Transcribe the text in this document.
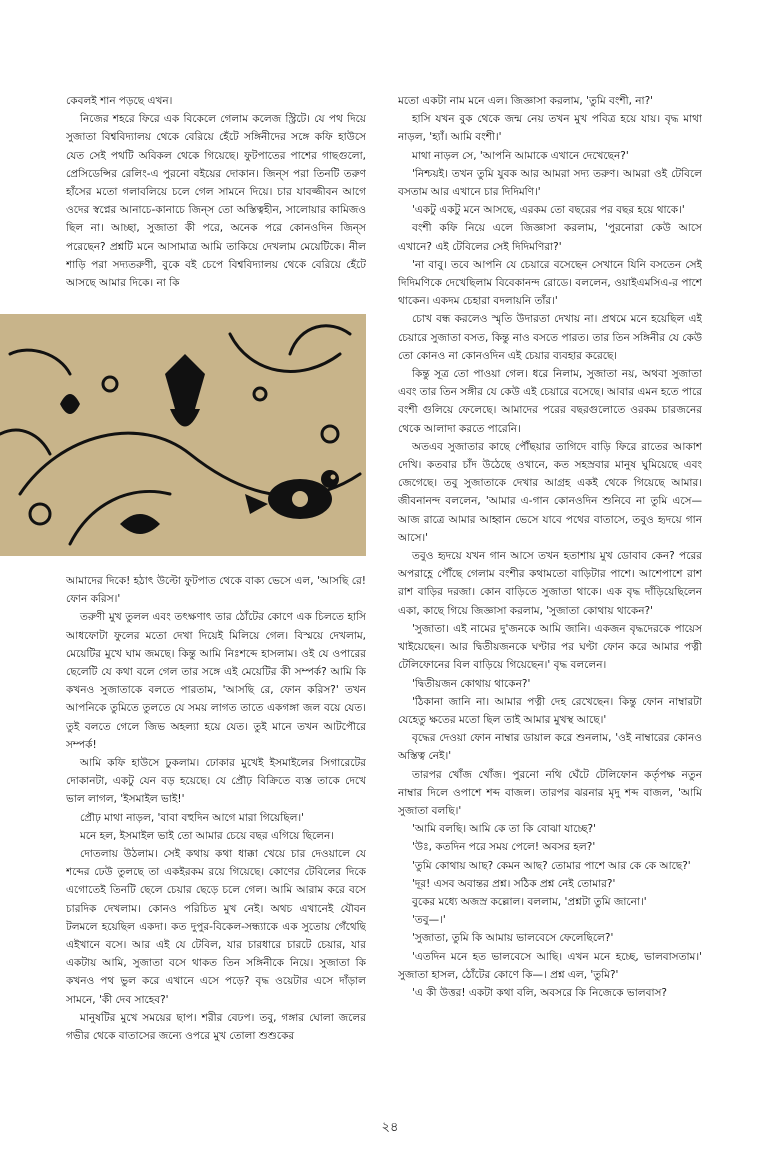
কেবলই শান পড়ছে এখন।

নিজের শহরে ফিরে এক বিকেলে গেলাম কলেজ স্ট্রিটে। যে পথ দিয়ে সুজাতা বিশ্ববিদ্যালয় থেকে বেরিয়ে হেঁটে সঙ্গিনীদের সঙ্গে কফি হাউসে যেত সেই পথটি অবিকল থেকে গিয়েছে। ফুটপাতের পাশের গাছগুলো, প্রেসিডেন্সির রেলিং-এ পুরনো বইয়ের দোকান। জিন্‌স পরা তিনটি তরুণ হাঁসের মতো গলাবলিয়ে চলে গেল সামনে দিয়ে। চার যাবজ্জীবন আগে ওদের স্বপ্নের আনাচে-কানাচে জিন্‌স তো অস্তিত্বহীন, সালোয়ার কামিজও ছিল না। আচ্ছা, সুজাতা কী পরে, অনেক পরে কোনওদিন জিন্‌স পরেছেন? প্রশ্নটি মনে আসামাত্র আমি তাকিয়ে দেখলাম মেয়েটিকে। নীল শাড়ি পরা সদ্যতরুণী, বুকে বই চেপে বিশ্ববিদ্যালয় থেকে বেরিয়ে হেঁটে আসছে আমার দিকে। না কি

আমাদের দিকে! হঠাৎ উল্টো ফুটপাত থেকে বাক্য ভেসে এল, 'আসছি রে! ফোন করিস।'

তরুণী মুখ তুলল এবং তৎক্ষণাৎ তার ঠোঁটের কোণে এক চিলতে হাসি আধফোটা ফুলের মতো দেখা দিয়েই মিলিয়ে গেল। বিস্ময়ে দেখলাম, মেয়েটির মুখে ঘাম জমছে। কিন্তু আমি নিঃশব্দে হাসলাম। ওই যে ওপারের ছেলেটি যে কথা বলে গেল তার সঙ্গে এই মেয়েটির কী সম্পর্ক? আমি কি কখনও সুজাতাকে বলতে পারতাম, 'আসছি রে, ফোন করিস?' তখন আপনিকে তুমিতে তুলতে যে সময় লাগত তাতে একগঙ্গা জল বয়ে যেত। তুই বলতে গেলে জিভ অহল্যা হয়ে যেত। তুই মানে তখন আটপৌরে সম্পর্ক!

আমি কফি হাউসে ঢুকলাম। ঢোকার মুখেই ইসমাইলের সিগারেটের দোকানটা, একটু যেন বড় হয়েছে। যে প্রৌঢ় বিক্রিতে ব্যস্ত তাকে দেখে ভাল লাগল, 'ইসমাইল ভাই!'

প্রৌঢ় মাথা নাড়ল, 'বাবা বহুদিন আগে মারা গিয়েছিল।'

মনে হল, ইসমাইল ভাই তো আমার চেয়ে বছর এগিয়ে ছিলেন।

দোতলায় উঠলাম। সেই কথায় কথা ধাক্কা খেয়ে চার দেওয়ালে যে শব্দের ঢেউ তুলছে তা একইরকম রয়ে গিয়েছে। কোণের টেবিলের দিকে এগোতেই তিনটি ছেলে চেয়ার ছেড়ে চলে গেল। আমি আরাম করে বসে চারদিক দেখলাম। কোনও পরিচিত মুখ নেই। অথচ এখানেই যৌবন টলমলে হয়েছিল একদা। কত দুপুর-বিকেল-সন্ধ্যাকে এক সুতোয় গেঁথেছি এইখানে বসে। আর এই যে টেবিল, যার চারধারে চারটে চেয়ার, যার একটায় আমি, সুজাতা বসে থাকত তিন সঙ্গিনীকে নিয়ে। সুজাতা কি কখনও পথ ভুল করে এখানে এসে পড়ে? বৃদ্ধ ওয়েটার এসে দাঁড়াল সামনে, 'কী দেব সাহেব?'

মানুষটির মুখে সময়ের ছাপ। শরীর বেঢপ। তবু, গঙ্গার ঘোলা জলের গভীর থেকে বাতাসের জন্যে ওপরে মুখ তোলা শুশুকের

মতো একটা নাম মনে এল। জিজ্ঞাসা করলাম, 'তুমি বংশী, না?'

হাসি যখন বুক থেকে জন্ম নেয় তখন মুখ পবিত্র হয়ে যায়। বৃদ্ধ মাথা নাড়ল, 'হ্যাঁ। আমি বংশী।'

মাথা নাড়ল সে, 'আপনি আমাকে এখানে দেখেছেন?'

'নিশ্চয়ই। তখন তুমি যুবক আর আমরা সদ্য তরুণ। আমরা ওই টেবিলে বসতাম আর এখানে চার দিদিমণি।'

'একটু একটু মনে আসছে, এরকম তো বছরের পর বছর হয়ে থাকে।'

বংশী কফি নিয়ে এলে জিজ্ঞাসা করলাম, 'পুরনোরা কেউ আসে এখানে? এই টেবিলের সেই দিদিমণিরা?'

'না বাবু। তবে আপনি যে চেয়ারে বসেছেন সেখানে যিনি বসতেন সেই দিদিমণিকে দেখেছিলাম বিবেকানন্দ রোডে। বললেন, ওয়াইএমসিএ-র পাশে থাকেন। একদম চেহারা বদলায়নি তাঁর।'

চোখ বন্ধ করলেও স্মৃতি উদারতা দেখায় না। প্রথমে মনে হয়েছিল এই চেয়ারে সুজাতা বসত, কিন্তু নাও বসতে পারত। তার তিন সঙ্গিনীর যে কেউ তো কোনও না কোনওদিন এই চেয়ার ব্যবহার করেছে।

কিন্তু সূত্র তো পাওয়া গেল। ধরে নিলাম, সুজাতা নয়, অথবা সুজাতা এবং তার তিন সঙ্গীর যে কেউ এই চেয়ারে বসেছে। আবার এমন হতে পারে বংশী গুলিয়ে ফেলেছে। আমাদের পরের বছরগুলোতে ওরকম চারজনের থেকে আলাদা করতে পারেনি।

অতএব সুজাতার কাছে পৌঁছয়ার তাগিদে বাড়ি ফিরে রাতের আকাশ দেখি। কতবার চাঁদ উঠেছে ওখানে, কত সহস্রবার মানুষ ঘুমিয়েছে এবং জেগেছে। তবু সুজাতাকে দেখার আগ্রহ একই থেকে গিয়েছে আমার। জীবনানন্দ বললেন, 'আমার এ-গান কোনওদিন শুনিবে না তুমি এসে—আজ রাত্রে আমার আহ্বান ভেসে যাবে পথের বাতাসে, তবুও হৃদয়ে গান আসে।'

তবুও হৃদয়ে যখন গান আসে তখন হতাশায় মুখ ডোবাব কেন? পরের অপরাহ্ণে পৌঁছে গেলাম বংশীর কথামতো বাড়িটার পাশে। আশেপাশে রাশ রাশ বাড়ির দরজা। কোন বাড়িতে সুজাতা থাকে। এক বৃদ্ধ দাঁড়িয়েছিলেন একা, কাছে গিয়ে জিজ্ঞাসা করলাম, 'সুজাতা কোথায় থাকেন?'

'সুজাতা। এই নামের দু'জনকে আমি জানি। একজন বৃদ্ধদেরকে পায়েস খাইয়েছেন। আর দ্বিতীয়জনকে ঘণ্টার পর ঘণ্টা ফোন করে আমার পত্নী টেলিফোনের বিল বাড়িয়ে গিয়েছেন।' বৃদ্ধ বললেন।

'দ্বিতীয়জন কোথায় থাকেন?'

'ঠিকানা জানি না। আমার পত্নী দেহ রেখেছেন। কিন্তু ফোন নাম্বারটা যেহেতু ক্ষতের মতো ছিল তাই আমার মুখস্থ আছে।'

বৃদ্ধের দেওয়া ফোন নাম্বার ডায়াল করে শুনলাম, 'ওই নাম্বারের কোনও অস্তিত্ব নেই।'

তারপর খোঁজ খোঁজ। পুরনো নথি ঘেঁটে টেলিফোন কর্তৃপক্ষ নতুন নাম্বার দিলে ওপাশে শব্দ বাজল। তারপর ঝরনার মৃদু শব্দ বাজল, 'আমি সুজাতা বলছি।'

'আমি বলছি। আমি কে তা কি বোঝা যাচ্ছে?'

'উঃ, কতদিন পরে সময় পেলে! অবসর হল?'

'তুমি কোথায় আছ? কেমন আছ? তোমার পাশে আর কে কে আছে?'

'দূর! এসব অবান্তর প্রশ্ন। সঠিক প্রশ্ন নেই তোমার?'

বুকের মধ্যে অজস্র কল্লোল। বললাম, 'প্রশ্নটা তুমি জানো।'

'তবু—।'

'সুজাতা, তুমি কি আমায় ভালবেসে ফেলেছিলে?'

'এতদিন মনে হত ভালবেসে আছি। এখন মনে হচ্ছে, ভালবাসতাম।' সুজাতা হাসল, ঠোঁটের কোণে কি—। প্রশ্ন এল, 'তুমি?'

'এ কী উত্তর! একটা কথা বলি, অবসরে কি নিজেকে ভালবাস?

২৪
